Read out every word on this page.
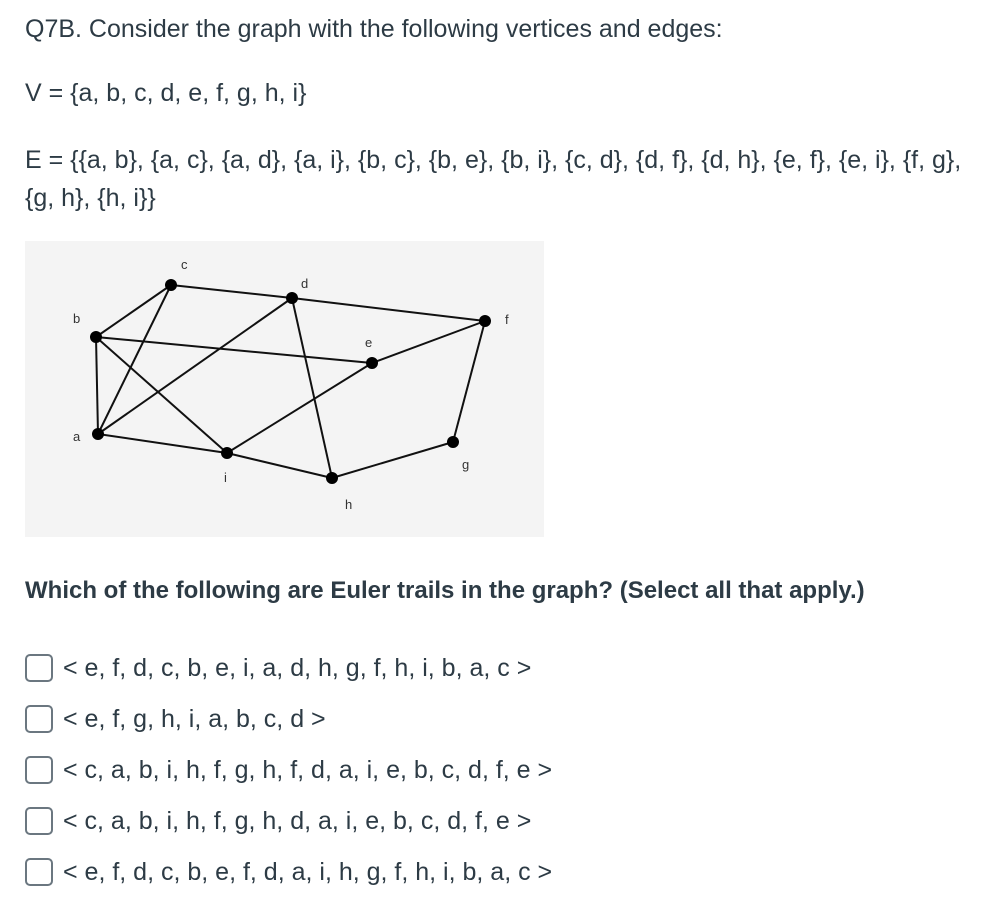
Q7B. Consider the graph with the following vertices and edges:
V = {a, b, c, d, e, f, g, h, i}
E = {{a, b}, {a, c}, {a, d}, {a, i}, {b, c}, {b, e}, {b, i}, {c, d}, {d, f}, {d, h}, {e, f}, {e, i}, {f, g}, {g, h}, {h, i}}
a
b
c
d
e
f
g
h
i
Which of the following are Euler trails in the graph? (Select all that apply.)
< e, f, d, c, b, e, i, a, d, h, g, f, h, i, b, a, c >
< e, f, g, h, i, a, b, c, d >
< c, a, b, i, h, f, g, h, f, d, a, i, e, b, c, d, f, e >
< c, a, b, i, h, f, g, h, d, a, i, e, b, c, d, f, e >
< e, f, d, c, b, e, f, d, a, i, h, g, f, h, i, b, a, c >
